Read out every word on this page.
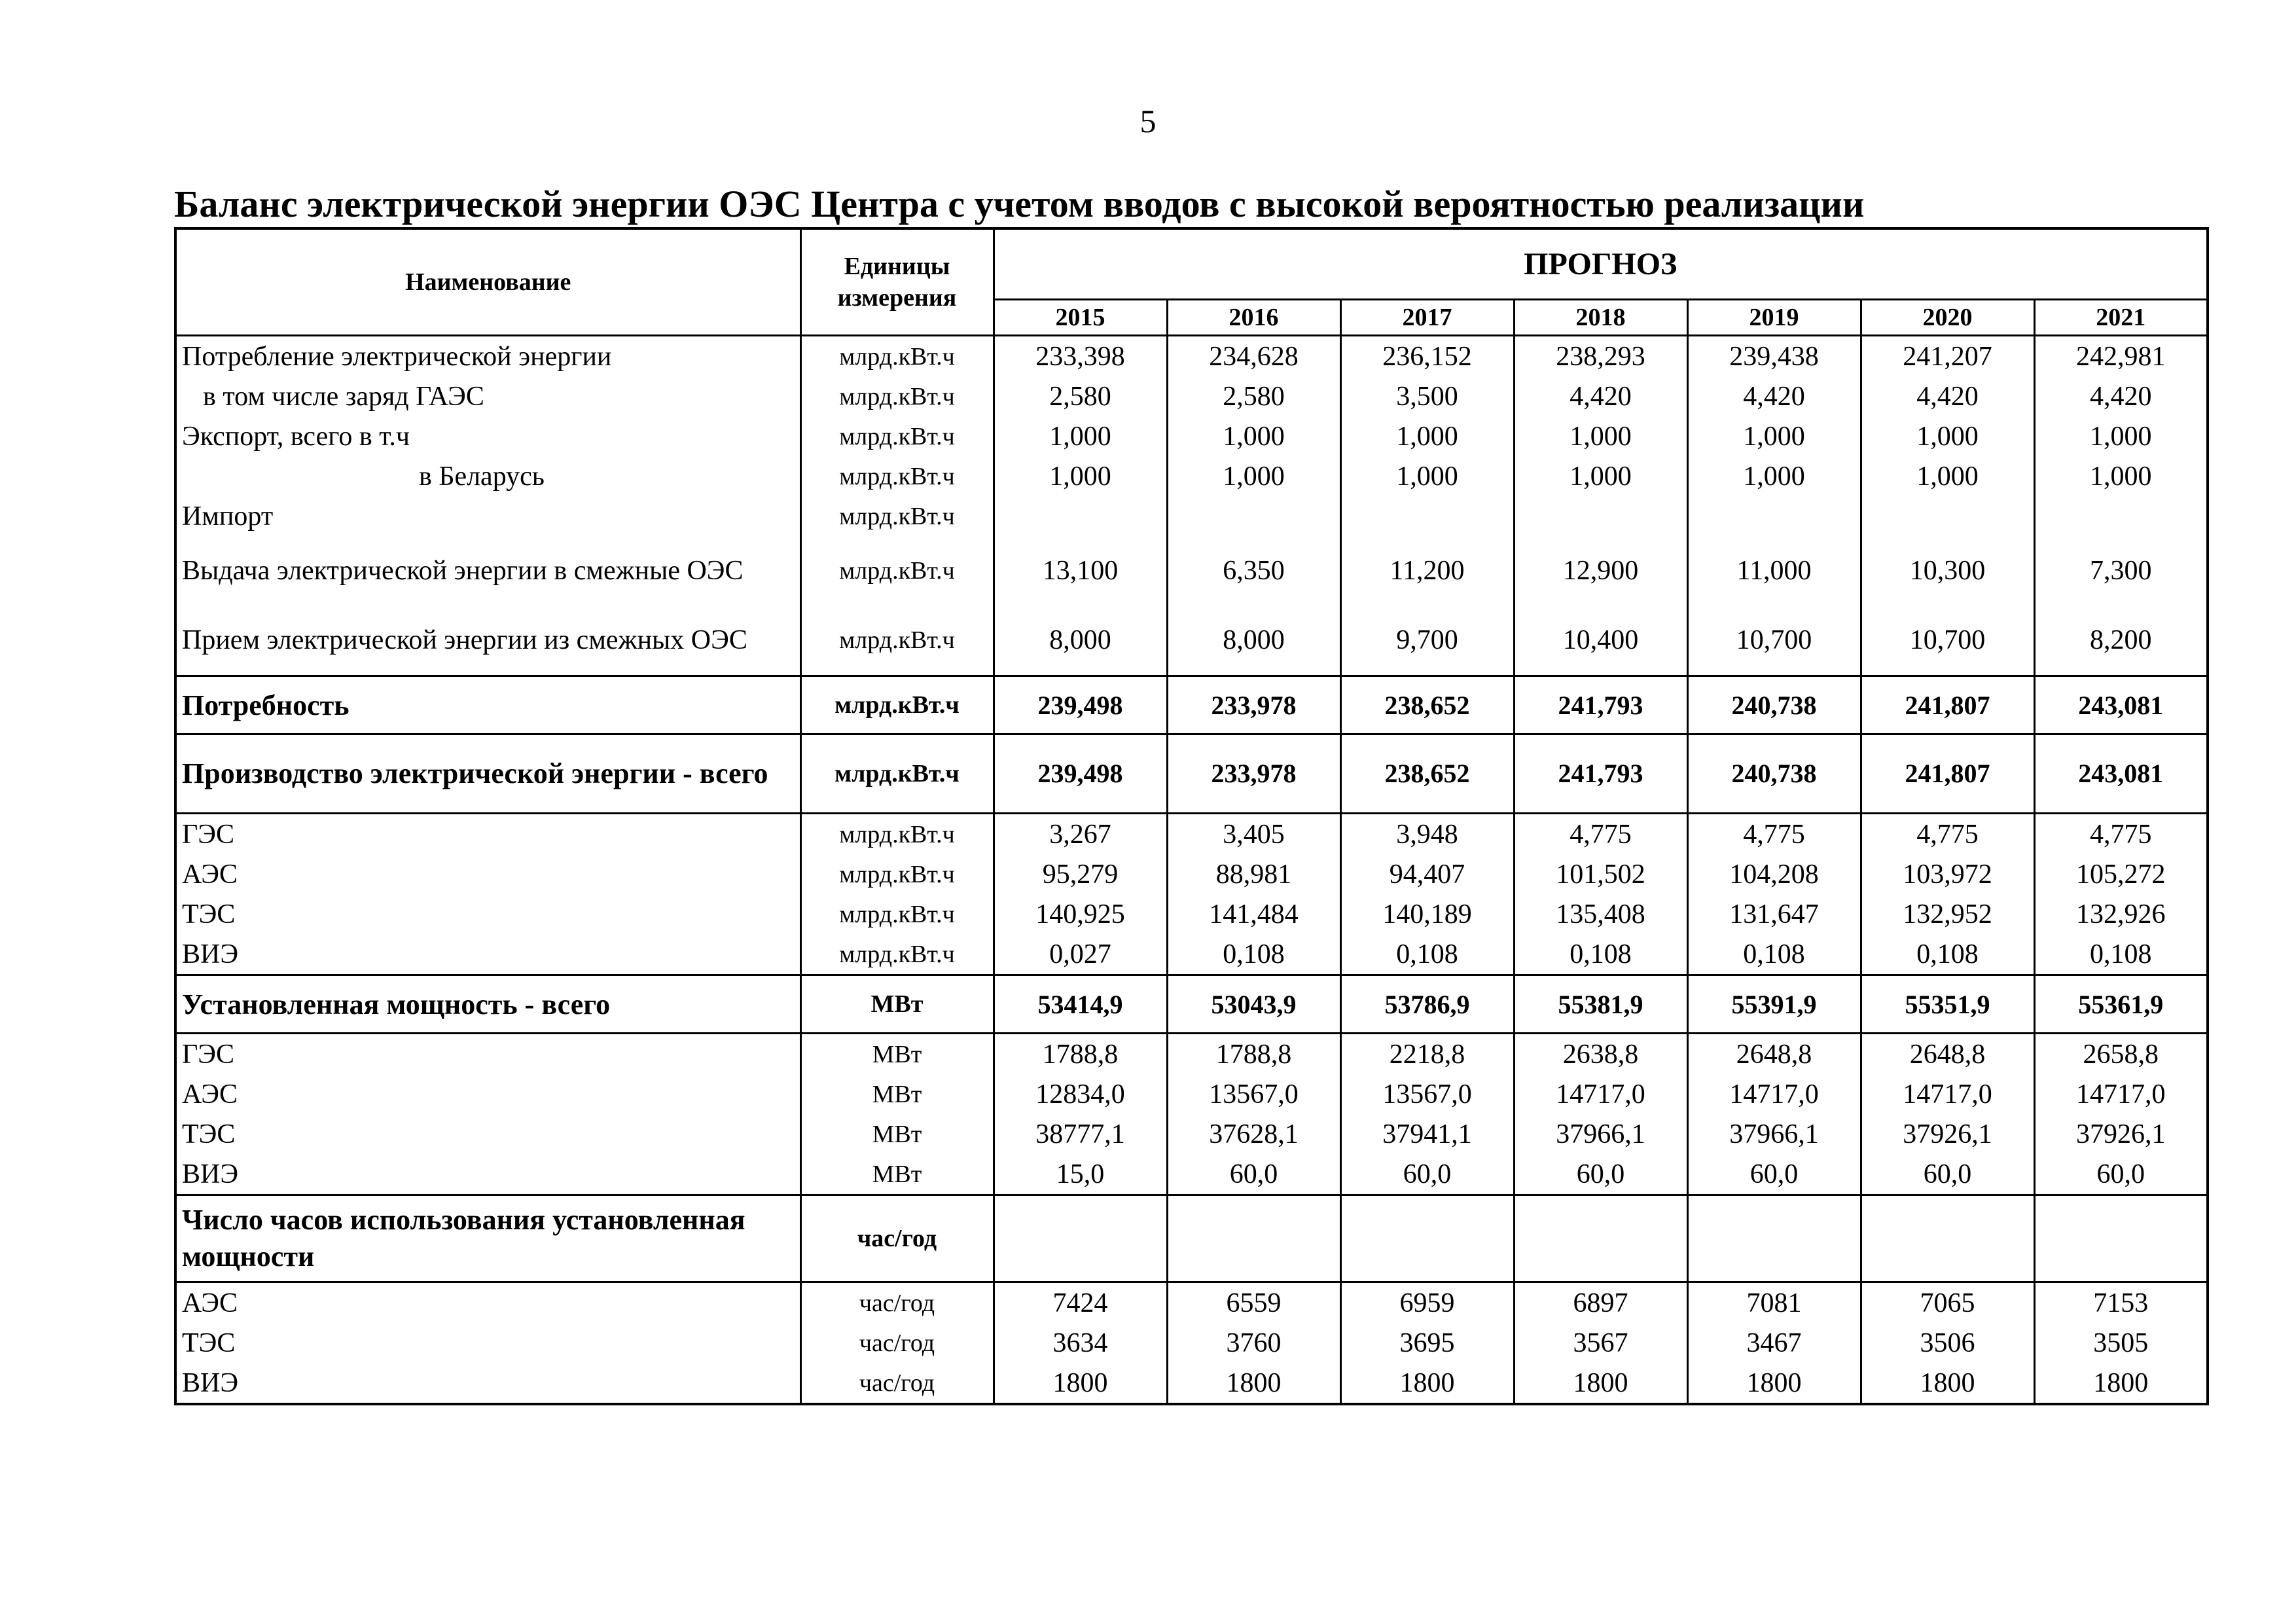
5
Баланс электрической энергии ОЭС Центра с учетом вводов с высокой вероятностью реализации
Наименование	Единицы измерения	ПРОГНОЗ						
		2015	2016	2017	2018	2019	2020	2021
Потребление электрической энергии	млрд.кВт.ч	233,398	234,628	236,152	238,293	239,438	241,207	242,981
в том числе заряд ГАЭС	млрд.кВт.ч	2,580	2,580	3,500	4,420	4,420	4,420	4,420
Экспорт, всего в т.ч	млрд.кВт.ч	1,000	1,000	1,000	1,000	1,000	1,000	1,000
в Беларусь	млрд.кВт.ч	1,000	1,000	1,000	1,000	1,000	1,000	1,000
Импорт	млрд.кВт.ч							
Выдача электрической энергии в смежные ОЭС	млрд.кВт.ч	13,100	6,350	11,200	12,900	11,000	10,300	7,300
Прием электрической энергии из смежных ОЭС	млрд.кВт.ч	8,000	8,000	9,700	10,400	10,700	10,700	8,200
Потребность	млрд.кВт.ч	239,498	233,978	238,652	241,793	240,738	241,807	243,081
Производство электрической энергии - всего	млрд.кВт.ч	239,498	233,978	238,652	241,793	240,738	241,807	243,081
ГЭС	млрд.кВт.ч	3,267	3,405	3,948	4,775	4,775	4,775	4,775
АЭС	млрд.кВт.ч	95,279	88,981	94,407	101,502	104,208	103,972	105,272
ТЭС	млрд.кВт.ч	140,925	141,484	140,189	135,408	131,647	132,952	132,926
ВИЭ	млрд.кВт.ч	0,027	0,108	0,108	0,108	0,108	0,108	0,108
Установленная мощность - всего	МВт	53414,9	53043,9	53786,9	55381,9	55391,9	55351,9	55361,9
ГЭС	МВт	1788,8	1788,8	2218,8	2638,8	2648,8	2648,8	2658,8
АЭС	МВт	12834,0	13567,0	13567,0	14717,0	14717,0	14717,0	14717,0
ТЭС	МВт	38777,1	37628,1	37941,1	37966,1	37966,1	37926,1	37926,1
ВИЭ	МВт	15,0	60,0	60,0	60,0	60,0	60,0	60,0
Число часов использования установленная мощности	час/год							
АЭС	час/год	7424	6559	6959	6897	7081	7065	7153
ТЭС	час/год	3634	3760	3695	3567	3467	3506	3505
ВИЭ	час/год	1800	1800	1800	1800	1800	1800	1800
